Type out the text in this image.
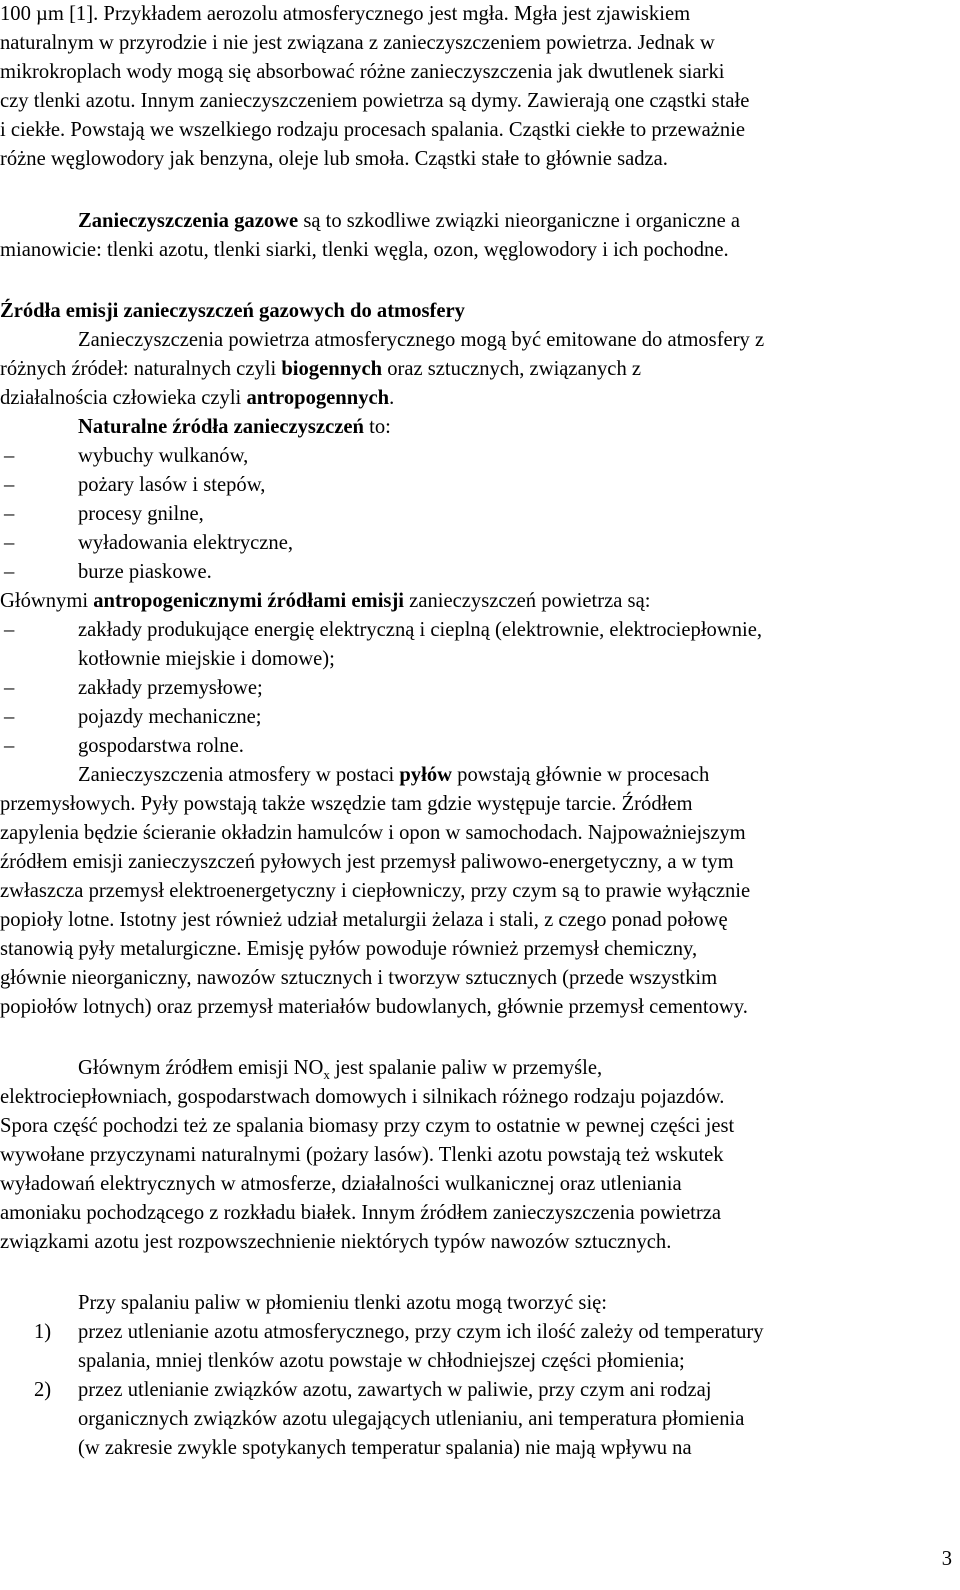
100 µm [1]. Przykładem aerozolu atmosferycznego jest mgła. Mgła jest zjawiskiem
naturalnym w przyrodzie i nie jest związana z zanieczyszczeniem powietrza. Jednak w
mikrokroplach wody mogą się absorbować różne zanieczyszczenia jak dwutlenek siarki
czy tlenki azotu. Innym zanieczyszczeniem powietrza są dymy. Zawierają one cząstki stałe
i ciekłe. Powstają we wszelkiego rodzaju procesach spalania. Cząstki ciekłe to przeważnie
różne węglowodory jak benzyna, oleje lub smoła. Cząstki stałe to głównie sadza.
Zanieczyszczenia gazowe są to szkodliwe związki nieorganiczne i organiczne a
mianowicie: tlenki azotu, tlenki siarki, tlenki węgla, ozon, węglowodory i ich pochodne.
Źródła emisji zanieczyszczeń gazowych do atmosfery
Zanieczyszczenia powietrza atmosferycznego mogą być emitowane do atmosfery z
różnych źródeł: naturalnych czyli biogennych oraz sztucznych, związanych z
działalnościa człowieka czyli antropogennych.
Naturalne źródła zanieczyszczeń to:
–	wybuchy wulkanów,
–	pożary lasów i stepów,
–	procesy gnilne,
–	wyładowania elektryczne,
–	burze piaskowe.
Głównymi antropogenicznymi źródłami emisji zanieczyszczeń powietrza są:
–	zakłady produkujące energię elektryczną i cieplną (elektrownie, elektrociepłownie,
kotłownie miejskie i domowe);
–	zakłady przemysłowe;
–	pojazdy mechaniczne;
–	gospodarstwa rolne.
Zanieczyszczenia atmosfery w postaci pyłów powstają głównie w procesach
przemysłowych. Pyły powstają także wszędzie tam gdzie występuje tarcie. Źródłem
zapylenia będzie ścieranie okładzin hamulców i opon w samochodach. Najpoważniejszym
źródłem emisji zanieczyszczeń pyłowych jest przemysł paliwowo-energetyczny, a w tym
zwłaszcza przemysł elektroenergetyczny i ciepłowniczy, przy czym są to prawie wyłącznie
popioły lotne. Istotny jest również udział metalurgii żelaza i stali, z czego ponad połowę
stanowią pyły metalurgiczne. Emisję pyłów powoduje również przemysł chemiczny,
głównie nieorganiczny, nawozów sztucznych i tworzyw sztucznych (przede wszystkim
popiołów lotnych) oraz przemysł materiałów budowlanych, głównie przemysł cementowy.
Głównym źródłem emisji $NO_x$ jest spalanie paliw w przemyśle,
elektrociepłowniach, gospodarstwach domowych i silnikach różnego rodzaju pojazdów.
Spora część pochodzi też ze spalania biomasy przy czym to ostatnie w pewnej części jest
wywołane przyczynami naturalnymi (pożary lasów). Tlenki azotu powstają też wskutek
wyładowań elektrycznych w atmosferze, działalności wulkanicznej oraz utleniania
amoniaku pochodzącego z rozkładu białek. Innym źródłem zanieczyszczenia powietrza
związkami azotu jest rozpowszechnienie niektórych typów nawozów sztucznych.
Przy spalaniu paliw w płomieniu tlenki azotu mogą tworzyć się:
1) przez utlenianie azotu atmosferycznego, przy czym ich ilość zależy od temperatury
spalania, mniej tlenków azotu powstaje w chłodniejszej części płomienia;
2) przez utlenianie związków azotu, zawartych w paliwie, przy czym ani rodzaj
organicznych związków azotu ulegających utlenianiu, ani temperatura płomienia
(w zakresie zwykle spotykanych temperatur spalania) nie mają wpływu na
3
